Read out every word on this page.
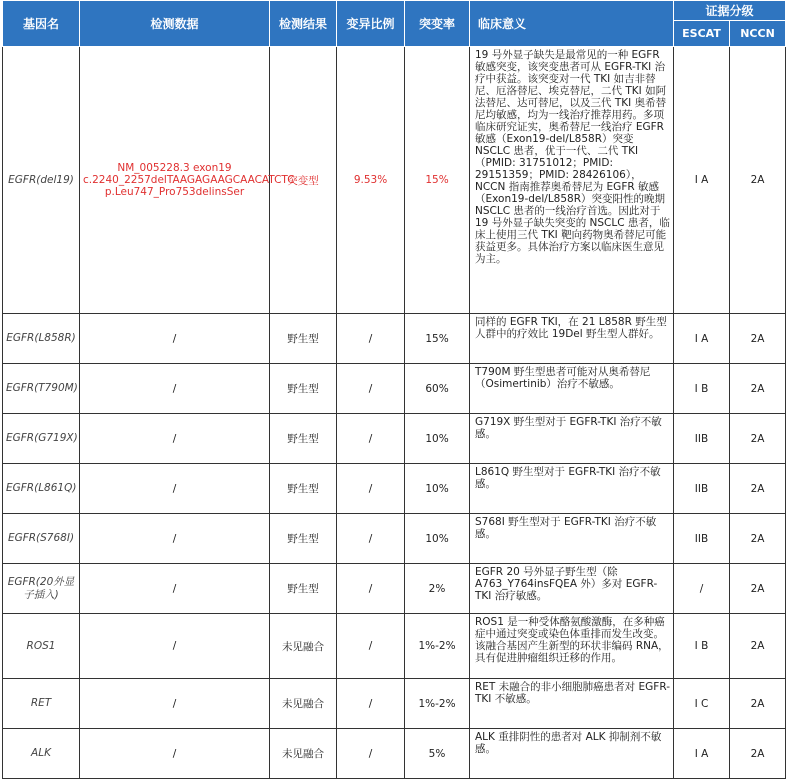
基因名	检测数据	检测结果	变异比例	突变率	临床意义	证据分级	
						ESCAT	NCCN
EGFR(del19)	NM_005228.3 exon19 c.2240_2257delTAAGAGAAGCAACATCTC p.Leu747_Pro753delinsSer	突变型	9.53%	15%	19 号外显子缺失是最常见的一种 EGFR 敏感突变，该突变患者可从 EGFR-TKI 治疗中获益。该突变对一代 TKI 如吉非替尼、厄洛替尼、埃克替尼，二代 TKI 如阿法替尼、达可替尼，以及三代 TKI 奥希替尼均敏感，均为一线治疗推荐用药。多项临床研究证实，奥希替尼一线治疗 EGFR 敏感（Exon19-del/L858R）突变 NSCLC 患者，优于一代、二代 TKI（PMID: 31751012；PMID: 29151359；PMID: 28426106），NCCN 指南推荐奥希替尼为 EGFR 敏感（Exon19-del/L858R）突变阳性的晚期 NSCLC 患者的一线治疗首选。因此对于 19 号外显子缺失突变的 NSCLC 患者，临床上使用三代 TKI 靶向药物奥希替尼可能获益更多。具体治疗方案以临床医生意见为主。	I A	2A
EGFR(L858R)	/	野生型	/	15%	同样的 EGFR TKI，在 21 L858R 野生型人群中的疗效比 19Del 野生型人群好。	I A	2A
EGFR(T790M)	/	野生型	/	60%	T790M 野生型患者可能对从奥希替尼（Osimertinib）治疗不敏感。	I B	2A
EGFR(G719X)	/	野生型	/	10%	G719X 野生型对于 EGFR-TKI 治疗不敏感。	IIB	2A
EGFR(L861Q)	/	野生型	/	10%	L861Q 野生型对于 EGFR-TKI 治疗不敏感。	IIB	2A
EGFR(S768I)	/	野生型	/	10%	S768I 野生型对于 EGFR-TKI 治疗不敏感。	IIB	2A
EGFR(20外显子插入)	/	野生型	/	2%	EGFR 20 号外显子野生型（除 A763_Y764insFQEA 外）多对 EGFR-TKI 治疗敏感。	/	2A
ROS1	/	未见融合	/	1%-2%	ROS1 是一种受体酪氨酸激酶，在多种癌症中通过突变或染色体重排而发生改变。该融合基因产生新型的环状非编码 RNA，具有促进肿瘤组织迁移的作用。	I B	2A
RET	/	未见融合	/	1%-2%	RET 未融合的非小细胞肺癌患者对 EGFR-TKI 不敏感。	I C	2A
ALK	/	未见融合	/	5%	ALK 重排阴性的患者对 ALK 抑制剂不敏感。	I A	2A
